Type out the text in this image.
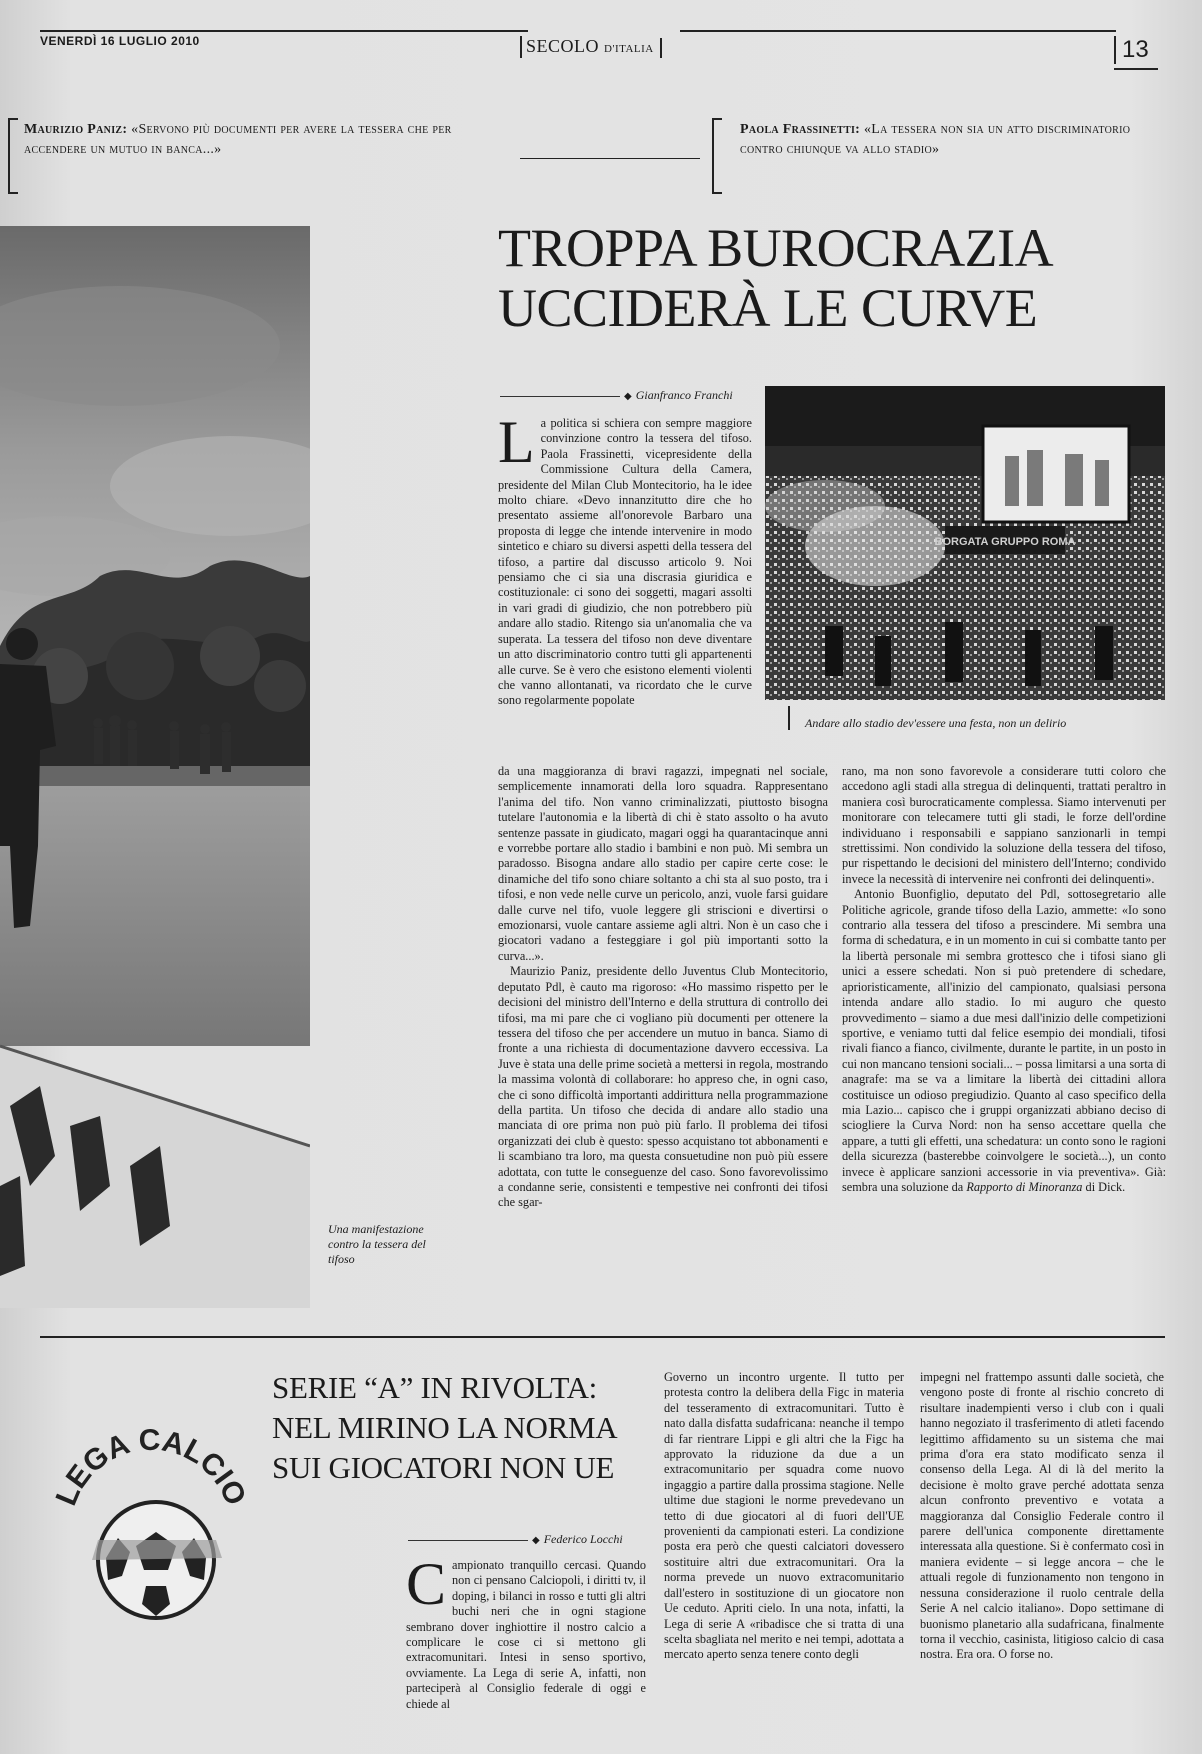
VENERDÌ 16 LUGLIO 2010	SECOLO D'ITALIA	13
Maurizio Paniz: «Servono più documenti per avere la tessera che per accendere un mutuo in banca...»
Paola Frassinetti: «La tessera non sia un atto discriminatorio contro chiunque va allo stadio»
TROPPA BUROCRAZIA
UCCIDERÀ LE CURVE
Una manifestazione contro la tessera del tifoso
◆ Gianfranco Franchi
BORGATA GRUPPO ROMA
Andare allo stadio dev'essere una festa, non un delirio

La politica si schiera con sempre maggiore convinzione contro la tessera del tifoso. Paola Frassinetti, vicepresidente della Commissione Cultura della Camera, presidente del Milan Club Montecitorio, ha le idee molto chiare. «Devo innanzitutto dire che ho presentato assieme all'onorevole Barbaro una proposta di legge che intende intervenire in modo sintetico e chiaro su diversi aspetti della tessera del tifoso, a partire dal discusso articolo 9. Noi pensiamo che ci sia una discrasia giuridica e costituzionale: ci sono dei soggetti, magari assolti in vari gradi di giudizio, che non potrebbero più andare allo stadio. Ritengo sia un'anomalia che va superata. La tessera del tifoso non deve diventare un atto discriminatorio contro tutti gli appartenenti alle curve. Se è vero che esistono elementi violenti che vanno allontanati, va ricordato che le curve sono regolarmente popolate

da una maggioranza di bravi ragazzi, impegnati nel sociale, semplicemente innamorati della loro squadra. Rappresentano l'anima del tifo. Non vanno criminalizzati, piuttosto bisogna tutelare l'autonomia e la libertà di chi è stato assolto o ha avuto sentenze passate in giudicato, magari oggi ha quarantacinque anni e vorrebbe portare allo stadio i bambini e non può. Mi sembra un paradosso. Bisogna andare allo stadio per capire certe cose: le dinamiche del tifo sono chiare soltanto a chi sta al suo posto, tra i tifosi, e non vede nelle curve un pericolo, anzi, vuole farsi guidare dalle curve nel tifo, vuole leggere gli striscioni e divertirsi o emozionarsi, vuole cantare assieme agli altri. Non è un caso che i giocatori vadano a festeggiare i gol più importanti sotto la curva...».

Maurizio Paniz, presidente dello Juventus Club Montecitorio, deputato Pdl, è cauto ma rigoroso: «Ho massimo rispetto per le decisioni del ministro dell'Interno e della struttura di controllo dei tifosi, ma mi pare che ci vogliano più documenti per ottenere la tessera del tifoso che per accendere un mutuo in banca. Siamo di fronte a una richiesta di documentazione davvero eccessiva. La Juve è stata una delle prime società a mettersi in regola, mostrando la massima volontà di collaborare: ho appreso che, in ogni caso, che ci sono difficoltà importanti addirittura nella programmazione della partita. Un tifoso che decida di andare allo stadio una manciata di ore prima non può più farlo. Il problema dei tifosi organizzati dei club è questo: spesso acquistano tot abbonamenti e li scambiano tra loro, ma questa consuetudine non può più essere adottata, con tutte le conseguenze del caso. Sono favorevolissimo a condanne serie, consistenti e tempestive nei confronti dei tifosi che sgar-

rano, ma non sono favorevole a considerare tutti coloro che accedono agli stadi alla stregua di delinquenti, trattati peraltro in maniera così burocraticamente complessa. Siamo intervenuti per monitorare con telecamere tutti gli stadi, le forze dell'ordine individuano i responsabili e sappiano sanzionarli in tempi strettissimi. Non condivido la soluzione della tessera del tifoso, pur rispettando le decisioni del ministero dell'Interno; condivido invece la necessità di intervenire nei confronti dei delinquenti».

Antonio Buonfiglio, deputato del Pdl, sottosegretario alle Politiche agricole, grande tifoso della Lazio, ammette: «Io sono contrario alla tessera del tifoso a prescindere. Mi sembra una forma di schedatura, e in un momento in cui si combatte tanto per la libertà personale mi sembra grottesco che i tifosi siano gli unici a essere schedati. Non si può pretendere di schedare, aprioristicamente, all'inizio del campionato, qualsiasi persona intenda andare allo stadio. Io mi auguro che questo provvedimento – siamo a due mesi dall'inizio delle competizioni sportive, e veniamo tutti dal felice esempio dei mondiali, tifosi rivali fianco a fianco, civilmente, durante le partite, in un posto in cui non mancano tensioni sociali... – possa limitarsi a una sorta di anagrafe: ma se va a limitare la libertà dei cittadini allora costituisce un odioso pregiudizio. Quanto al caso specifico della mia Lazio... capisco che i gruppi organizzati abbiano deciso di sciogliere la Curva Nord: non ha senso accettare quella che appare, a tutti gli effetti, una schedatura: un conto sono le ragioni della sicurezza (basterebbe coinvolgere le società...), un conto invece è applicare sanzioni accessorie in via preventiva». Già: sembra una soluzione da Rapporto di Minoranza di Dick.

LEGA CALCIO
SERIE “A” IN RIVOLTA:
NEL MIRINO LA NORMA
SUI GIOCATORI NON UE
◆ Federico Locchi

Campionato tranquillo cercasi. Quando non ci pensano Calciopoli, i diritti tv, il doping, i bilanci in rosso e tutti gli altri buchi neri che in ogni stagione sembrano dover inghiottire il nostro calcio a complicare le cose ci si mettono gli extracomunitari. Intesi in senso sportivo, ovviamente. La Lega di serie A, infatti, non parteciperà al Consiglio federale di oggi e chiede al

Governo un incontro urgente. Il tutto per protesta contro la delibera della Figc in materia del tesseramento di extracomunitari. Tutto è nato dalla disfatta sudafricana: neanche il tempo di far rientrare Lippi e gli altri che la Figc ha approvato la riduzione da due a un extracomunitario per squadra come nuovo ingaggio a partire dalla prossima stagione. Nelle ultime due stagioni le norme prevedevano un tetto di due giocatori al di fuori dell'UE provenienti da campionati esteri. La condizione posta era però che questi calciatori dovessero sostituire altri due extracomunitari. Ora la norma prevede un nuovo extracomunitario dall'estero in sostituzione di un giocatore non Ue ceduto. Apriti cielo. In una nota, infatti, la Lega di serie A «ribadisce che si tratta di una scelta sbagliata nel merito e nei tempi, adottata a mercato aperto senza tenere conto degli

impegni nel frattempo assunti dalle società, che vengono poste di fronte al rischio concreto di risultare inadempienti verso i club con i quali hanno negoziato il trasferimento di atleti facendo legittimo affidamento su un sistema che mai prima d'ora era stato modificato senza il consenso della Lega. Al di là del merito la decisione è molto grave perché adottata senza alcun confronto preventivo e votata a maggioranza dal Consiglio Federale contro il parere dell'unica componente direttamente interessata alla questione. Si è confermato così in maniera evidente – si legge ancora – che le attuali regole di funzionamento non tengono in nessuna considerazione il ruolo centrale della Serie A nel calcio italiano». Dopo settimane di buonismo planetario alla sudafricana, finalmente torna il vecchio, casinista, litigioso calcio di casa nostra. Era ora. O forse no.
